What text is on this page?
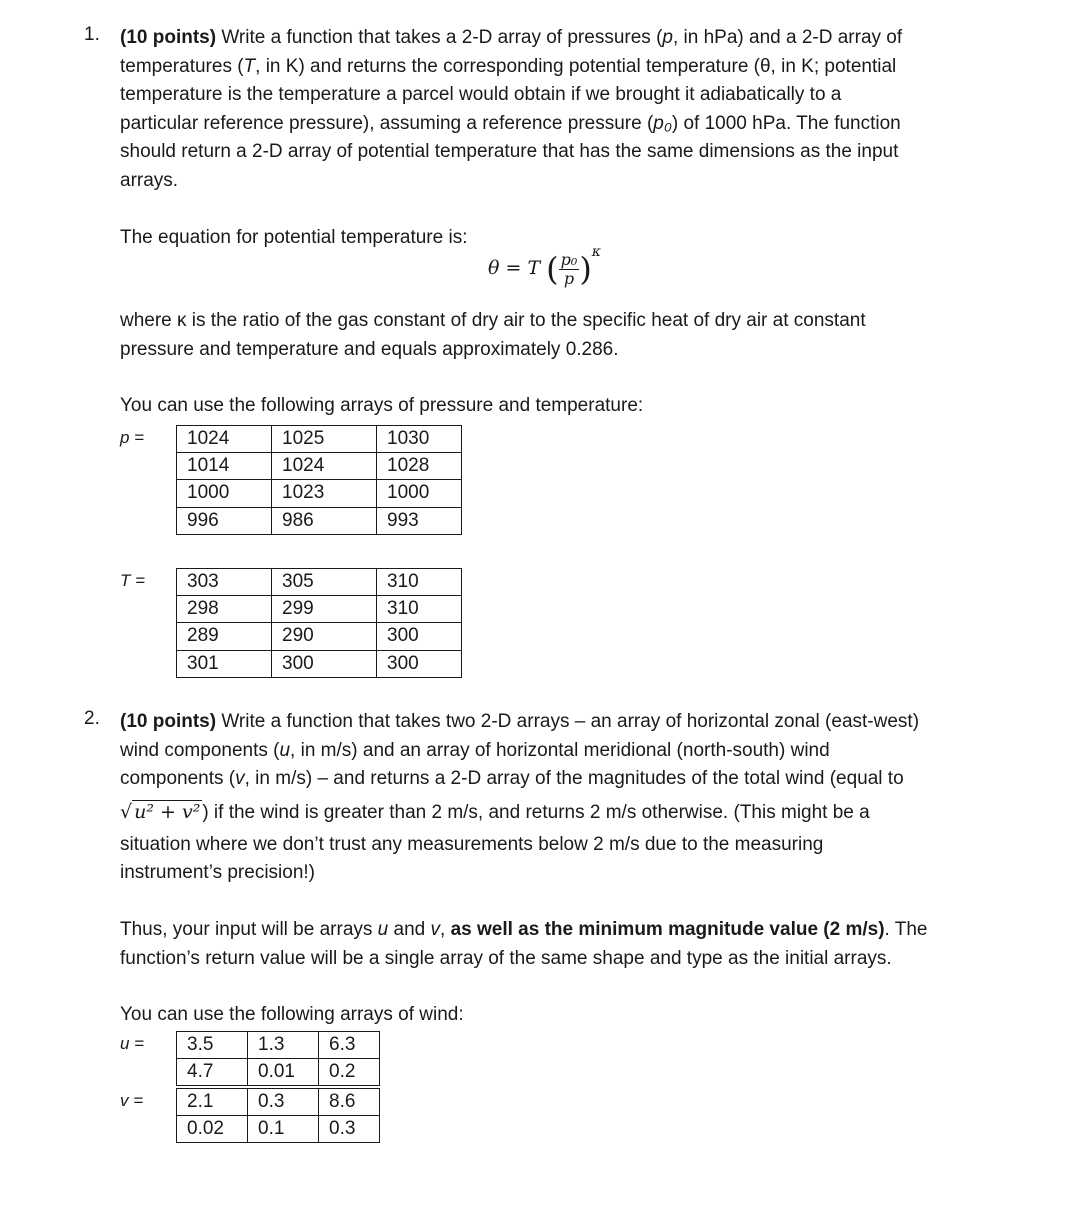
1. (10 points) Write a function that takes a 2-D array of pressures (p, in hPa) and a 2-D array of

temperatures (T, in K) and returns the corresponding potential temperature (θ, in K; potential

temperature is the temperature a parcel would obtain if we brought it adiabatically to a

particular reference pressure), assuming a reference pressure (p₀) of 1000 hPa. The function

should return a 2-D array of potential temperature that has the same dimensions as the input

arrays.

The equation for potential temperature is:

θ = T ( $\frac{\text{p₀}}{p} )^\kappa$

where κ is the ratio of the gas constant of dry air to the specific heat of dry air at constant

pressure and temperature and equals approximately 0.286.

You can use the following arrays of pressure and temperature:

p = 1024	1025	1030
1014	1024	1028
1000	1023	1000
996	986	993
T = 303	305	310
298	299	310
289	290	300
301	300	300
2. (10 points) Write a function that takes two 2-D arrays – an array of horizontal zonal (east-west)

wind components (u, in m/s) and an array of horizontal meridional (north-south) wind

components (v, in m/s) – and returns a 2-D array of the magnitudes of the total wind (equal to

√ u² + v² ) if the wind is greater than 2 m/s, and returns 2 m/s otherwise. (This might be a

situation where we don’t trust any measurements below 2 m/s due to the measuring

instrument’s precision!)

Thus, your input will be arrays u and v, as well as the minimum magnitude value (2 m/s). The

function’s return value will be a single array of the same shape and type as the initial arrays.

You can use the following arrays of wind:

u = 3.5	1.3	6.3
4.7	0.01	0.2
v = 2.1	0.3	8.6
0.02	0.1	0.3
